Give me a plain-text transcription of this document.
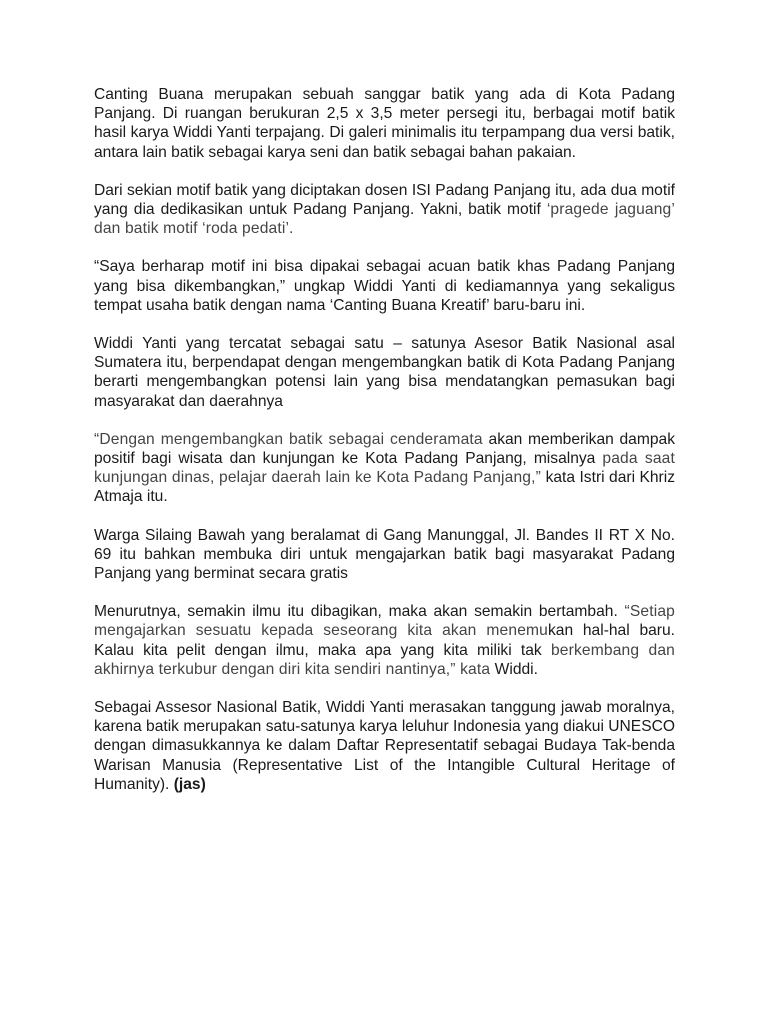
Canting Buana merupakan sebuah sanggar batik yang ada di Kota Padang Panjang. Di ruangan berukuran 2,5 x 3,5 meter persegi itu, berbagai motif batik hasil karya Widdi Yanti terpajang. Di galeri minimalis itu terpampang dua versi batik, antara lain batik sebagai karya seni dan batik sebagai bahan pakaian.

Dari sekian motif batik yang diciptakan dosen ISI Padang Panjang itu, ada dua motif yang dia dedikasikan untuk Padang Panjang. Yakni, batik motif ‘pragede jaguang’ dan batik motif ‘roda pedati’.

“Saya berharap motif ini bisa dipakai sebagai acuan batik khas Padang Panjang yang bisa dikembangkan,” ungkap Widdi Yanti di kediamannya yang sekaligus tempat usaha batik dengan nama ‘Canting Buana Kreatif’ baru-baru ini.

Widdi Yanti yang tercatat sebagai satu – satunya Asesor Batik Nasional asal Sumatera itu, berpendapat dengan mengembangkan batik di Kota Padang Panjang berarti mengembangkan potensi lain yang bisa mendatangkan pemasukan bagi masyarakat dan daerahnya

“Dengan mengembangkan batik sebagai cenderamata akan memberikan dampak positif bagi wisata dan kunjungan ke Kota Padang Panjang, misalnya pada saat kunjungan dinas, pelajar daerah lain ke Kota Padang Panjang,” kata Istri dari Khriz Atmaja itu.

Warga Silaing Bawah yang beralamat di Gang Manunggal, Jl. Bandes II RT X No. 69 itu bahkan membuka diri untuk mengajarkan batik bagi masyarakat Padang Panjang yang berminat secara gratis

Menurutnya, semakin ilmu itu dibagikan, maka akan semakin bertambah. “Setiap mengajarkan sesuatu kepada seseorang kita akan menemukan hal-hal baru. Kalau kita pelit dengan ilmu, maka apa yang kita miliki tak berkembang dan akhirnya terkubur dengan diri kita sendiri nantinya,” kata Widdi.

Sebagai Assesor Nasional Batik, Widdi Yanti merasakan tanggung jawab moralnya, karena batik merupakan satu-satunya karya leluhur Indonesia yang diakui UNESCO dengan dimasukkannya ke dalam Daftar Representatif sebagai Budaya Tak-benda Warisan Manusia (Representative List of the Intangible Cultural Heritage of Humanity). (jas)
